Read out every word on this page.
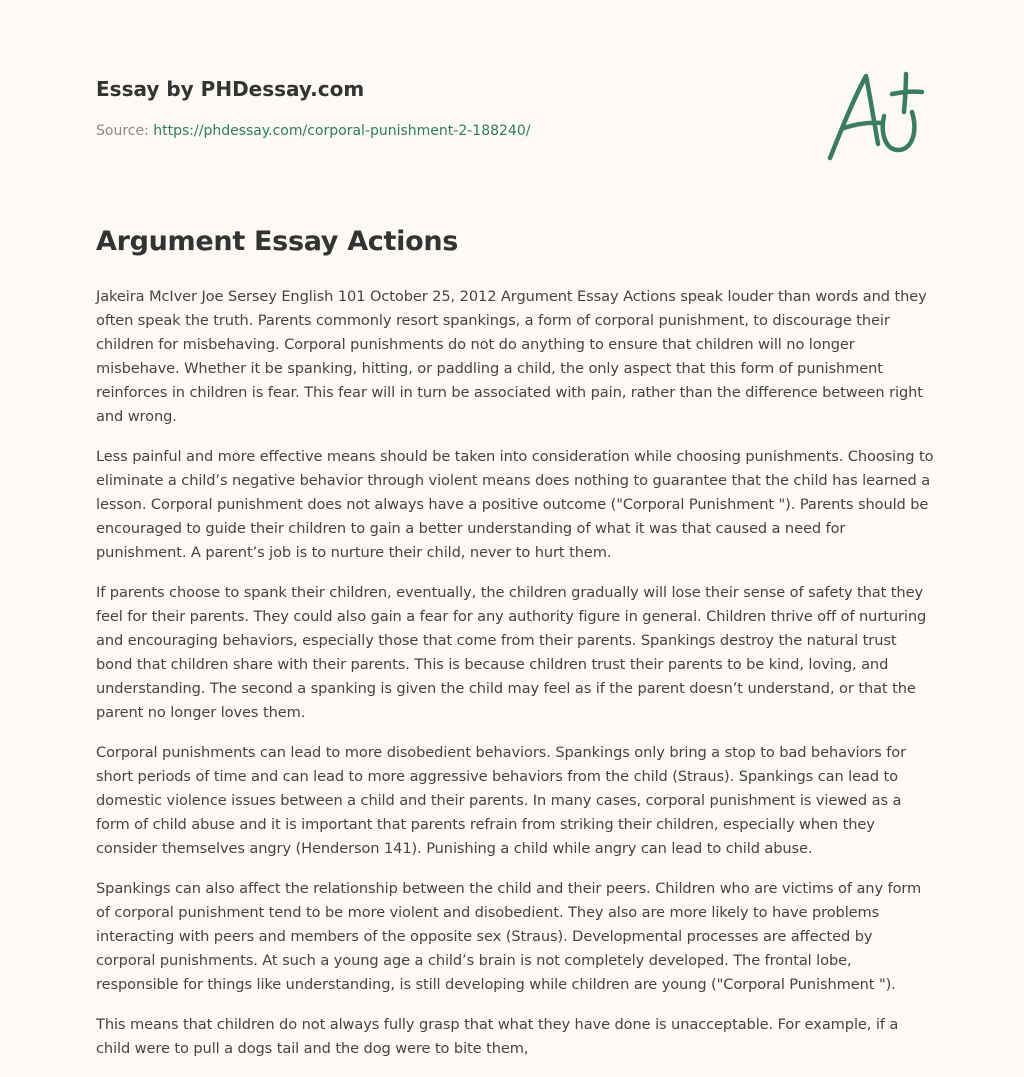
Essay by PHDessay.com

Source: https://phdessay.com/corporal-punishment-2-188240/
Argument Essay Actions

Jakeira McIver Joe Sersey English 101 October 25, 2012 Argument Essay Actions speak louder than words and they often speak the truth. Parents commonly resort spankings, a form of corporal punishment, to discourage their children for misbehaving. Corporal punishments do not do anything to ensure that children will no longer misbehave. Whether it be spanking, hitting, or paddling a child, the only aspect that this form of punishment reinforces in children is fear. This fear will in turn be associated with pain, rather than the difference between right and wrong.

Less painful and more effective means should be taken into consideration while choosing punishments. Choosing to eliminate a child’s negative behavior through violent means does nothing to guarantee that the child has learned a lesson. Corporal punishment does not always have a positive outcome ("Corporal Punishment "). Parents should be encouraged to guide their children to gain a better understanding of what it was that caused a need for punishment. A parent’s job is to nurture their child, never to hurt them.

If parents choose to spank their children, eventually, the children gradually will lose their sense of safety that they feel for their parents. They could also gain a fear for any authority figure in general. Children thrive off of nurturing and encouraging behaviors, especially those that come from their parents. Spankings destroy the natural trust bond that children share with their parents. This is because children trust their parents to be kind, loving, and understanding. The second a spanking is given the child may feel as if the parent doesn’t understand, or that the parent no longer loves them.

Corporal punishments can lead to more disobedient behaviors. Spankings only bring a stop to bad behaviors for short periods of time and can lead to more aggressive behaviors from the child (Straus). Spankings can lead to domestic violence issues between a child and their parents. In many cases, corporal punishment is viewed as a form of child abuse and it is important that parents refrain from striking their children, especially when they consider themselves angry (Henderson 141). Punishing a child while angry can lead to child abuse.

Spankings can also affect the relationship between the child and their peers. Children who are victims of any form of corporal punishment tend to be more violent and disobedient. They also are more likely to have problems interacting with peers and members of the opposite sex (Straus). Developmental processes are affected by corporal punishments. At such a young age a child’s brain is not completely developed. The frontal lobe, responsible for things like understanding, is still developing while children are young ("Corporal Punishment ").

This means that children do not always fully grasp that what they have done is unacceptable. For example, if a child were to pull a dogs tail and the dog were to bite them,
